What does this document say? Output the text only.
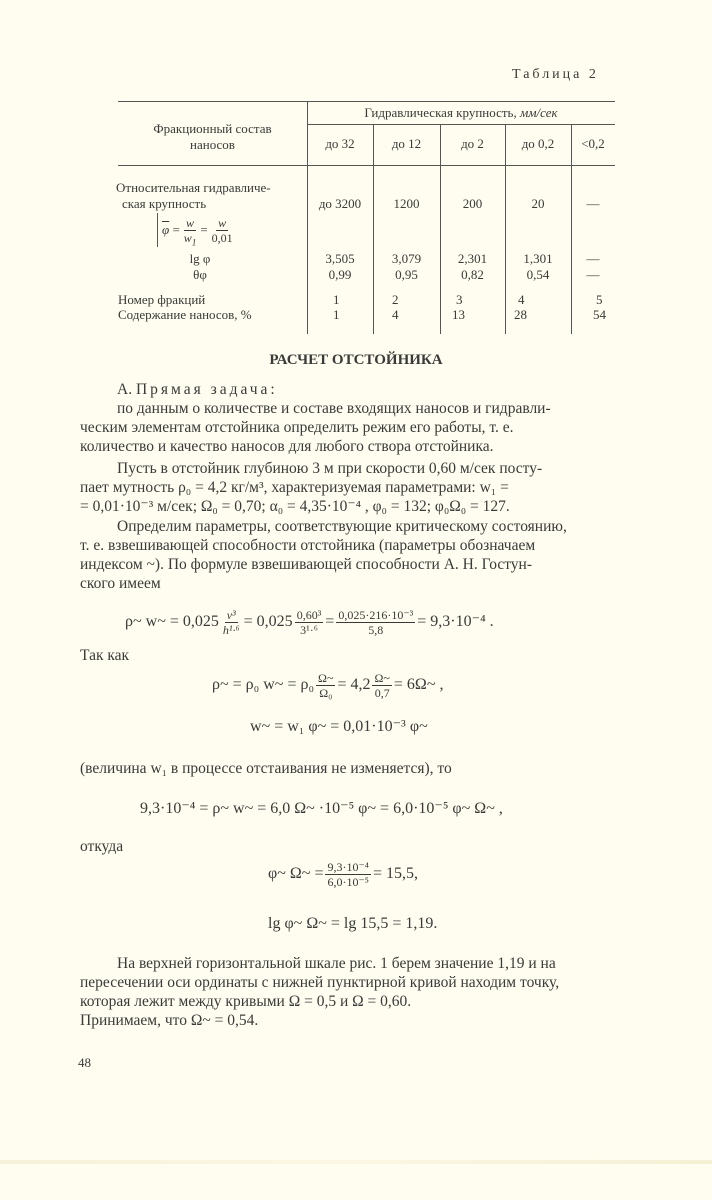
Таблица 2
Фракционный состав
наносов
Гидравлическая крупность, мм/сек
до 32	до 12	до 2	до 0,2	<0,2
Относительная гидравличе-
ская крупность	до 3200	1200	200	20	—
$\overline{\varphi} = \frac{w}{w_1} = \frac{w}{0,01}$
lg φ	3,505	3,079	2,301	1,301	—
θφ	0,99	0,95	0,82	0,54	—
Номер фракций	1	2	3	4	5
Содержание наносов, %	1	4	13	28	54
РАСЧЕТ ОТСТОЙНИКА
А. Прямая задача:
по данным о количестве и составе входящих наносов и гидравли-
ческим элементам отстойника определить режим его работы, т. е.
количество и качество наносов для любого створа отстойника.
Пусть в отстойник глубиною 3 м при скорости 0,60 м/сек посту-
пает мутность ρ₀ = 4,2 кг/м³, характеризуемая параметрами: w₁ =
= 0,01·10⁻³ м/сек; Ω₀ = 0,70; α₀ = 4,35·10⁻⁴ , φ₀ = 132; φ₀Ω₀ = 127.
Определим параметры, соответствующие критическому состоянию,
т. е. взвешивающей способности отстойника (параметры обозначаем
индексом ~). По формуле взвешивающей способности А. Н. Гостун-
ского имеем
ρ~ w~ = $0,025 \frac{\text{v³}}{\text{h¹·⁶}} = 0,025 \frac{\text{0,60³}}{\text{3¹·⁶}} = \frac{\text{0,025·216·10⁻³}}{5,8} = 9,3\cdot 10^{-4}$ .
Так как
ρ~ = ρ₀ w~ = $\rho_0 \frac{\Omega\sim}{\text{Ω₀}} = 4,2 \frac{\Omega\sim}{0,7}$ = 6Ω~ ,
w~ = w₁ φ~ = 0,01·10⁻³ φ~
(величина w₁ в процессе отстаивания не изменяется), то
9,3·10⁻⁴ = ρ~ w~ = 6,0 Ω~ ·10⁻⁵ φ~ = 6,0·10⁻⁵ φ~ Ω~ ,
откуда
φ~ Ω~ = $\frac{\text{9,3·10⁻⁴}}{\text{6,0·10⁻⁵}} = 15,5$,
lg φ~ Ω~ = lg 15,5 = 1,19.
На верхней горизонтальной шкале рис. 1 берем значение 1,19 и на
пересечении оси ординаты с нижней пунктирной кривой находим точку,
которая лежит между кривыми Ω = 0,5 и Ω = 0,60.
Принимаем, что Ω~ = 0,54.
48
